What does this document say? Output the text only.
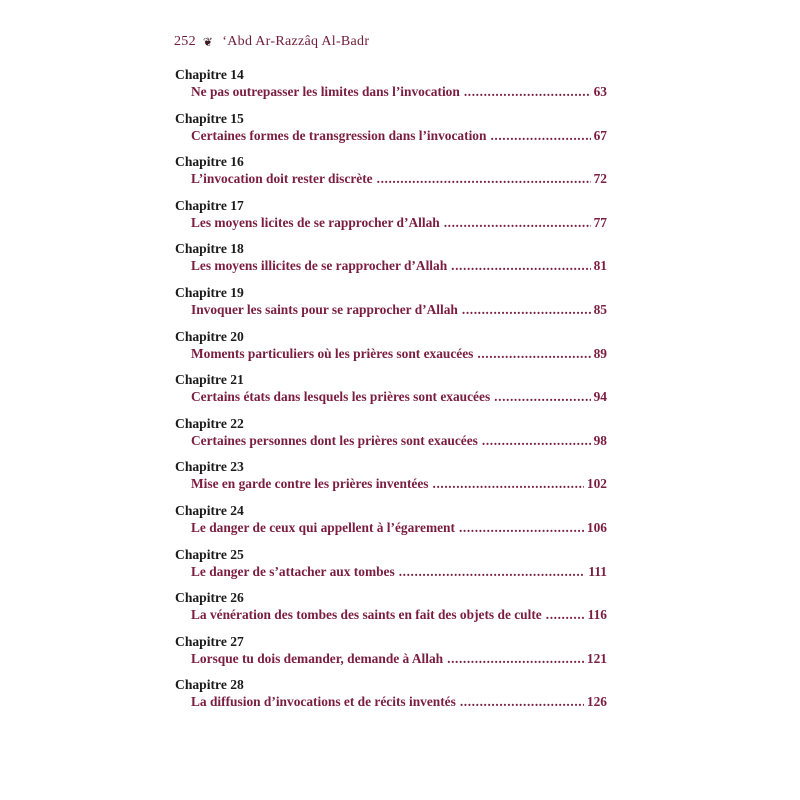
252 ❦ ‘Abd Ar-Razzâq Al-Badr
Chapitre 14
Ne pas outrepasser les limites dans l’invocation .....	63
Chapitre 15
Certaines formes de transgression dans l’invocation .....	67
Chapitre 16
L’invocation doit rester discrète .....	72
Chapitre 17
Les moyens licites de se rapprocher d’Allah .....	77
Chapitre 18
Les moyens illicites de se rapprocher d’Allah .....	81
Chapitre 19
Invoquer les saints pour se rapprocher d’Allah .....	85
Chapitre 20
Moments particuliers où les prières sont exaucées .....	89
Chapitre 21
Certains états dans lesquels les prières sont exaucées .....	94
Chapitre 22
Certaines personnes dont les prières sont exaucées .....	98
Chapitre 23
Mise en garde contre les prières inventées .....	102
Chapitre 24
Le danger de ceux qui appellent à l’égarement .....	106
Chapitre 25
Le danger de s’attacher aux tombes .....	111
Chapitre 26
La vénération des tombes des saints en fait des objets de culte .....	116
Chapitre 27
Lorsque tu dois demander, demande à Allah .....	121
Chapitre 28
La diffusion d’invocations et de récits inventés .....	126
